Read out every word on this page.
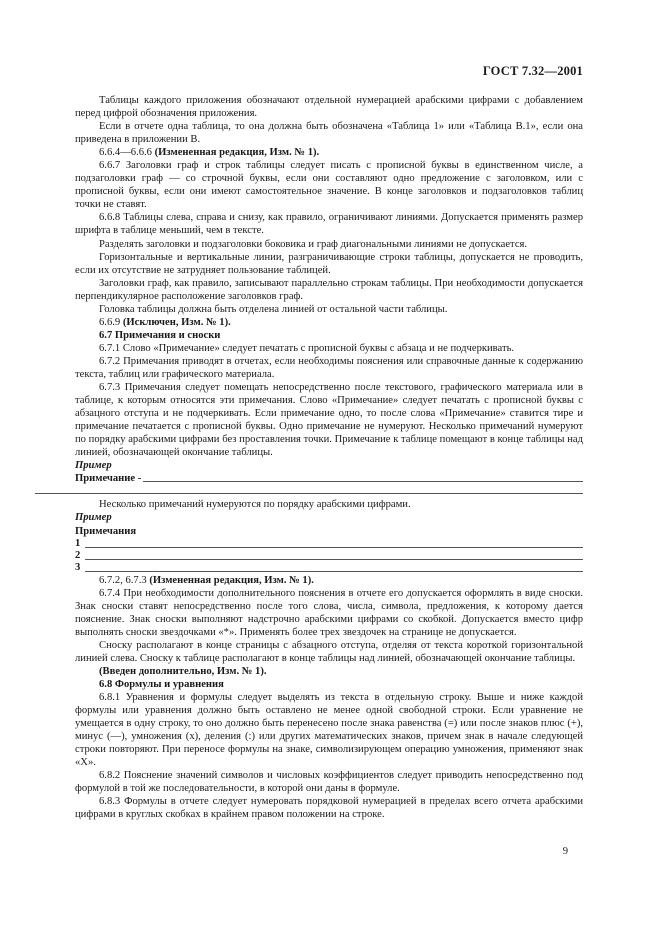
ГОСТ 7.32—2001

Таблицы каждого приложения обозначают отдельной нумерацией арабскими цифрами с добавлением перед цифрой обозначения приложения.

Если в отчете одна таблица, то она должна быть обозначена «Таблица 1» или «Таблица В.1», если она приведена в приложении В.

6.6.4—6.6.6 (Измененная редакция, Изм. № 1).

6.6.7 Заголовки граф и строк таблицы следует писать с прописной буквы в единственном числе, а подзаголовки граф — со строчной буквы, если они составляют одно предложение с заголовком, или с прописной буквы, если они имеют самостоятельное значение. В конце заголовков и подзаголовков таблиц точки не ставят.

6.6.8 Таблицы слева, справа и снизу, как правило, ограничивают линиями. Допускается применять размер шрифта в таблице меньший, чем в тексте.

Разделять заголовки и подзаголовки боковика и граф диагональными линиями не допускается.

Горизонтальные и вертикальные линии, разграничивающие строки таблицы, допускается не проводить, если их отсутствие не затрудняет пользование таблицей.

Заголовки граф, как правило, записывают параллельно строкам таблицы. При необходимости допускается перпендикулярное расположение заголовков граф.

Головка таблицы должна быть отделена линией от остальной части таблицы.

6.6.9 (Исключен, Изм. № 1).

6.7 Примечания и сноски

6.7.1 Слово «Примечание» следует печатать с прописной буквы с абзаца и не подчеркивать.

6.7.2 Примечания приводят в отчетах, если необходимы пояснения или справочные данные к содержанию текста, таблиц или графического материала.

6.7.3 Примечания следует помещать непосредственно после текстового, графического материала или в таблице, к которым относятся эти примечания. Слово «Примечание» следует печатать с прописной буквы с абзацного отступа и не подчеркивать. Если примечание одно, то после слова «Примечание» ставится тире и примечание печатается с прописной буквы. Одно примечание не нумеруют. Несколько примечаний нумеруют по порядку арабскими цифрами без проставления точки. Примечание к таблице помещают в конце таблицы над линией, обозначающей окончание таблицы.

Пример

Примечание -

Несколько примечаний нумеруются по порядку арабскими цифрами.

Пример

Примечания

1
2
3

6.7.2, 6.7.3 (Измененная редакция, Изм. № 1).

6.7.4 При необходимости дополнительного пояснения в отчете его допускается оформлять в виде сноски. Знак сноски ставят непосредственно после того слова, числа, символа, предложения, к которому дается пояснение. Знак сноски выполняют надстрочно арабскими цифрами со скобкой. Допускается вместо цифр выполнять сноски звездочками «*». Применять более трех звездочек на странице не допускается.

Сноску располагают в конце страницы с абзацного отступа, отделяя от текста короткой горизонтальной линией слева. Сноску к таблице располагают в конце таблицы над линией, обозначающей окончание таблицы.

(Введен дополнительно, Изм. № 1).

6.8 Формулы и уравнения

6.8.1 Уравнения и формулы следует выделять из текста в отдельную строку. Выше и ниже каждой формулы или уравнения должно быть оставлено не менее одной свободной строки. Если уравнение не умещается в одну строку, то оно должно быть перенесено после знака равенства (=) или после знаков плюс (+), минус (—), умножения (х), деления (:) или других математических знаков, причем знак в начале следующей строки повторяют. При переносе формулы на знаке, символизирующем операцию умножения, применяют знак «Х».

6.8.2 Пояснение значений символов и числовых коэффициентов следует приводить непосредственно под формулой в той же последовательности, в которой они даны в формуле.

6.8.3 Формулы в отчете следует нумеровать порядковой нумерацией в пределах всего отчета арабскими цифрами в круглых скобках в крайнем правом положении на строке.

9
